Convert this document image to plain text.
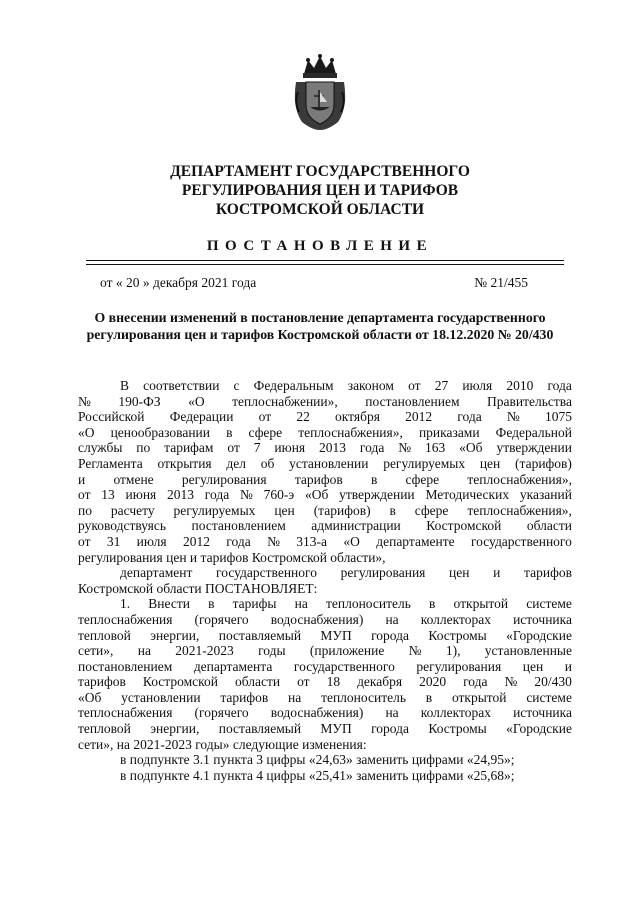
ДЕПАРТАМЕНТ ГОСУДАРСТВЕННОГО
РЕГУЛИРОВАНИЯ ЦЕН И ТАРИФОВ
КОСТРОМСКОЙ ОБЛАСТИ
ПОСТАНОВЛЕНИЕ
от « 20 » декабря 2021 года	№ 21/455
О внесении изменений в постановление департамента государственного
регулирования цен и тарифов Костромской области от 18.12.2020 № 20/430
В соответствии с Федеральным законом от 27 июля 2010 года
№ 190-ФЗ «О теплоснабжении», постановлением Правительства
Российской Федерации от 22 октября 2012 года № 1075
«О ценообразовании в сфере теплоснабжения», приказами Федеральной
службы по тарифам от 7 июня 2013 года № 163 «Об утверждении
Регламента открытия дел об установлении регулируемых цен (тарифов)
и отмене регулирования тарифов в сфере теплоснабжения»,
от 13 июня 2013 года № 760-э «Об утверждении Методических указаний
по расчету регулируемых цен (тарифов) в сфере теплоснабжения»,
руководствуясь постановлением администрации Костромской области
от 31 июля 2012 года № 313-а «О департаменте государственного
регулирования цен и тарифов Костромской области»,
департамент государственного регулирования цен и тарифов
Костромской области ПОСТАНОВЛЯЕТ:
1. Внести в тарифы на теплоноситель в открытой системе
теплоснабжения (горячего водоснабжения) на коллекторах источника
тепловой энергии, поставляемый МУП города Костромы «Городские
сети», на 2021-2023 годы (приложение № 1), установленные
постановлением департамента государственного регулирования цен и
тарифов Костромской области от 18 декабря 2020 года № 20/430
«Об установлении тарифов на теплоноситель в открытой системе
теплоснабжения (горячего водоснабжения) на коллекторах источника
тепловой энергии, поставляемый МУП города Костромы «Городские
сети», на 2021-2023 годы» следующие изменения:
в подпункте 3.1 пункта 3 цифры «24,63» заменить цифрами «24,95»;
в подпункте 4.1 пункта 4 цифры «25,41» заменить цифрами «25,68»;
